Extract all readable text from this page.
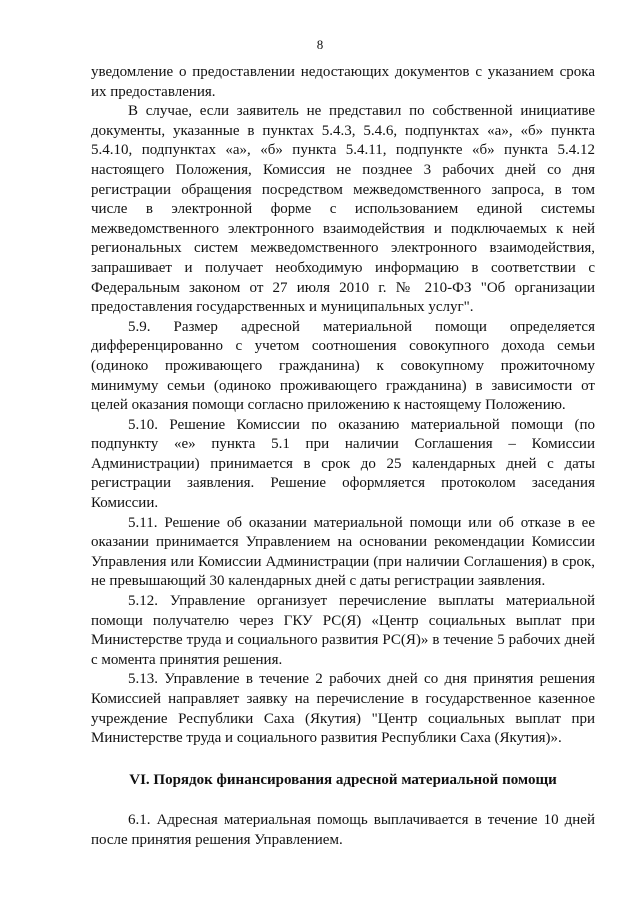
8

уведомление о предоставлении недостающих документов с указанием срока их предоставления.

В случае, если заявитель не представил по собственной инициативе документы, указанные в пунктах 5.4.3, 5.4.6, подпунктах «а», «б» пункта 5.4.10, подпунктах «а», «б» пункта 5.4.11, подпункте «б» пункта 5.4.12 настоящего Положения, Комиссия не позднее 3 рабочих дней со дня регистрации обращения посредством межведомственного запроса, в том числе в электронной форме с использованием единой системы межведомственного электронного взаимодействия и подключаемых к ней региональных систем межведомственного электронного взаимодействия, запрашивает и получает необходимую информацию в соответствии с Федеральным законом от 27 июля 2010 г. № 210-ФЗ "Об организации предоставления государственных и муниципальных услуг".

5.9. Размер адресной материальной помощи определяется дифференцированно с учетом соотношения совокупного дохода семьи (одиноко проживающего гражданина) к совокупному прожиточному минимуму семьи (одиноко проживающего гражданина) в зависимости от целей оказания помощи согласно приложению к настоящему Положению.

5.10. Решение Комиссии по оказанию материальной помощи (по подпункту «е» пункта 5.1 при наличии Соглашения – Комиссии Администрации) принимается в срок до 25 календарных дней с даты регистрации заявления. Решение оформляется протоколом заседания Комиссии.

5.11. Решение об оказании материальной помощи или об отказе в ее оказании принимается Управлением на основании рекомендации Комиссии Управления или Комиссии Администрации (при наличии Соглашения) в срок, не превышающий 30 календарных дней с даты регистрации заявления.

5.12. Управление организует перечисление выплаты материальной помощи получателю через ГКУ РС(Я) «Центр социальных выплат при Министерстве труда и социального развития РС(Я)» в течение 5 рабочих дней с момента принятия решения.

5.13. Управление в течение 2 рабочих дней со дня принятия решения Комиссией направляет заявку на перечисление в государственное казенное учреждение Республики Саха (Якутия) "Центр социальных выплат при Министерстве труда и социального развития Республики Саха (Якутия)».

VI. Порядок финансирования адресной материальной помощи

6.1. Адресная материальная помощь выплачивается в течение 10 дней после принятия решения Управлением.
